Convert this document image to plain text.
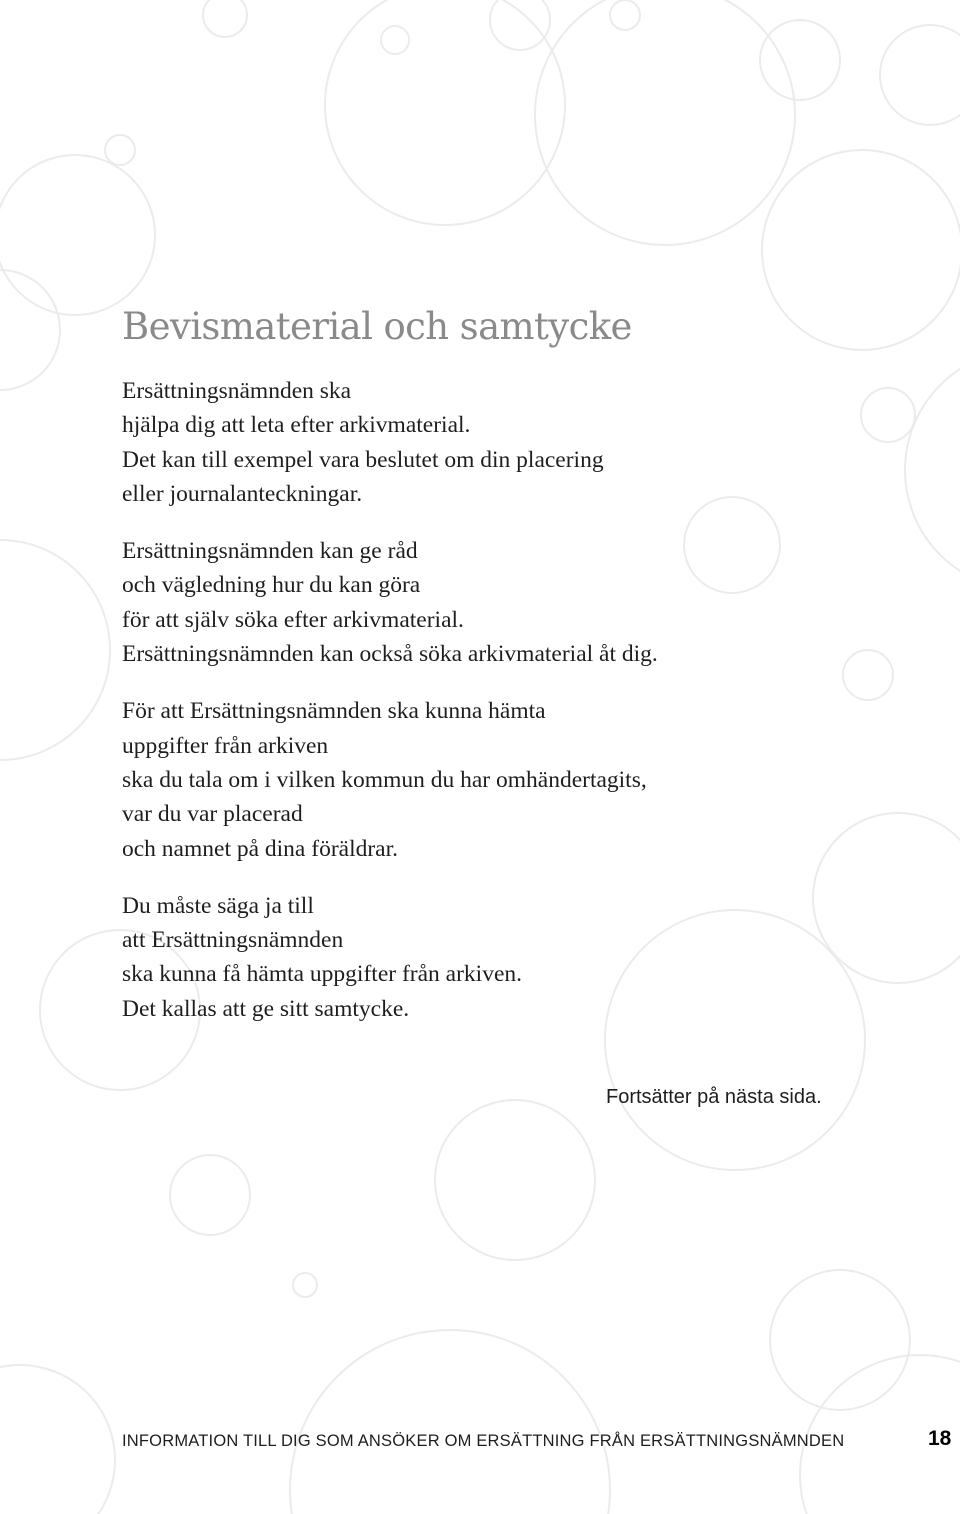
Bevismaterial och samtycke
Ersättningsnämnden ska
hjälpa dig att leta efter arkivmaterial.
Det kan till exempel vara beslutet om din placering
eller journalanteckningar.
Ersättningsnämnden kan ge råd
och vägledning hur du kan göra
för att själv söka efter arkivmaterial.
Ersättningsnämnden kan också söka arkivmaterial åt dig.
För att Ersättningsnämnden ska kunna hämta
uppgifter från arkiven
ska du tala om i vilken kommun du har omhändertagits,
var du var placerad
och namnet på dina föräldrar.
Du måste säga ja till
att Ersättningsnämnden
ska kunna få hämta uppgifter från arkiven.
Det kallas att ge sitt samtycke.
Fortsätter på nästa sida.
INFORMATION TILL DIG SOM ANSÖKER OM ERSÄTTNING FRÅN ERSÄTTNINGSNÄMNDEN	18
